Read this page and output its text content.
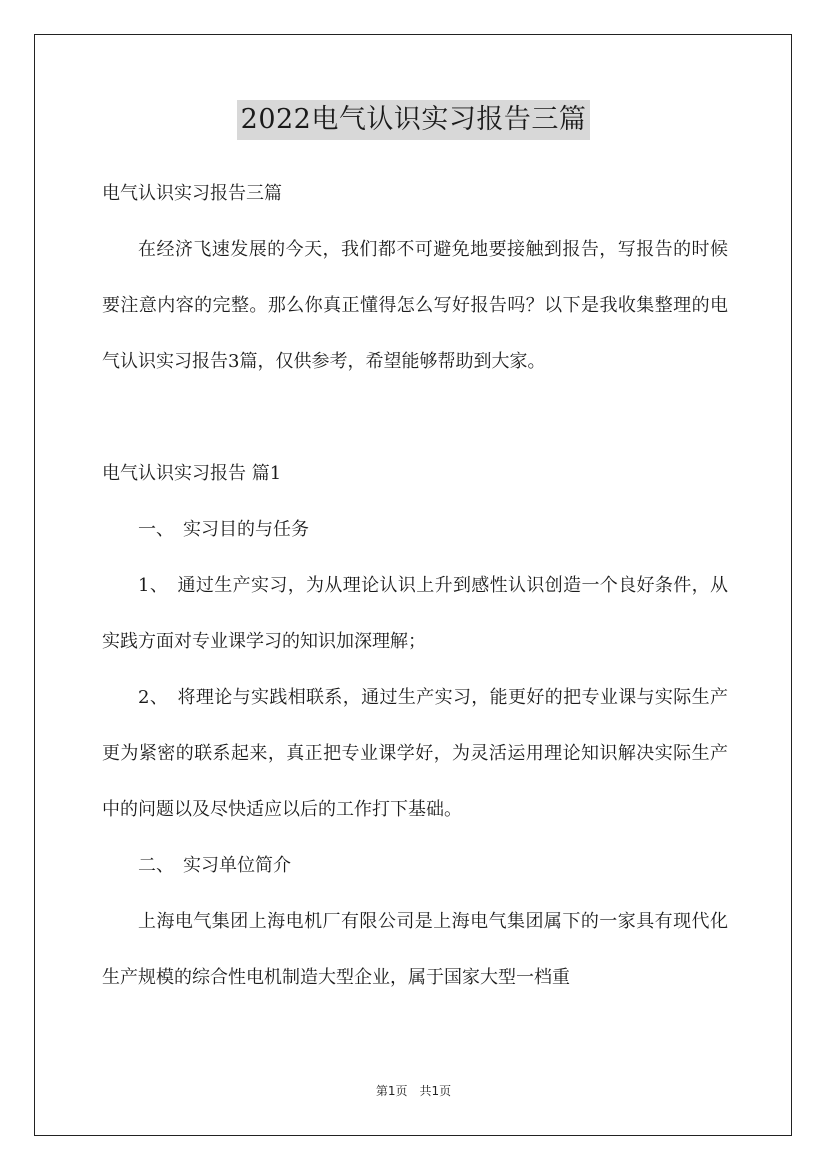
2022电气认识实习报告三篇

电气认识实习报告三篇

在经济飞速发展的今天，我们都不可避免地要接触到报告，写报告的时候要注意内容的完整。那么你真正懂得怎么写好报告吗？以下是我收集整理的电气认识实习报告3篇，仅供参考，希望能够帮助到大家。

电气认识实习报告 篇1

一、　实习目的与任务

1、　通过生产实习，为从理论认识上升到感性认识创造一个良好条件，从实践方面对专业课学习的知识加深理解；

2、　将理论与实践相联系，通过生产实习，能更好的把专业课与实际生产更为紧密的联系起来，真正把专业课学好，为灵活运用理论知识解决实际生产中的问题以及尽快适应以后的工作打下基础。

二、　实习单位简介

上海电气集团上海电机厂有限公司是上海电气集团属下的一家具有现代化生产规模的综合性电机制造大型企业，属于国家大型一档重

第1页　共1页
